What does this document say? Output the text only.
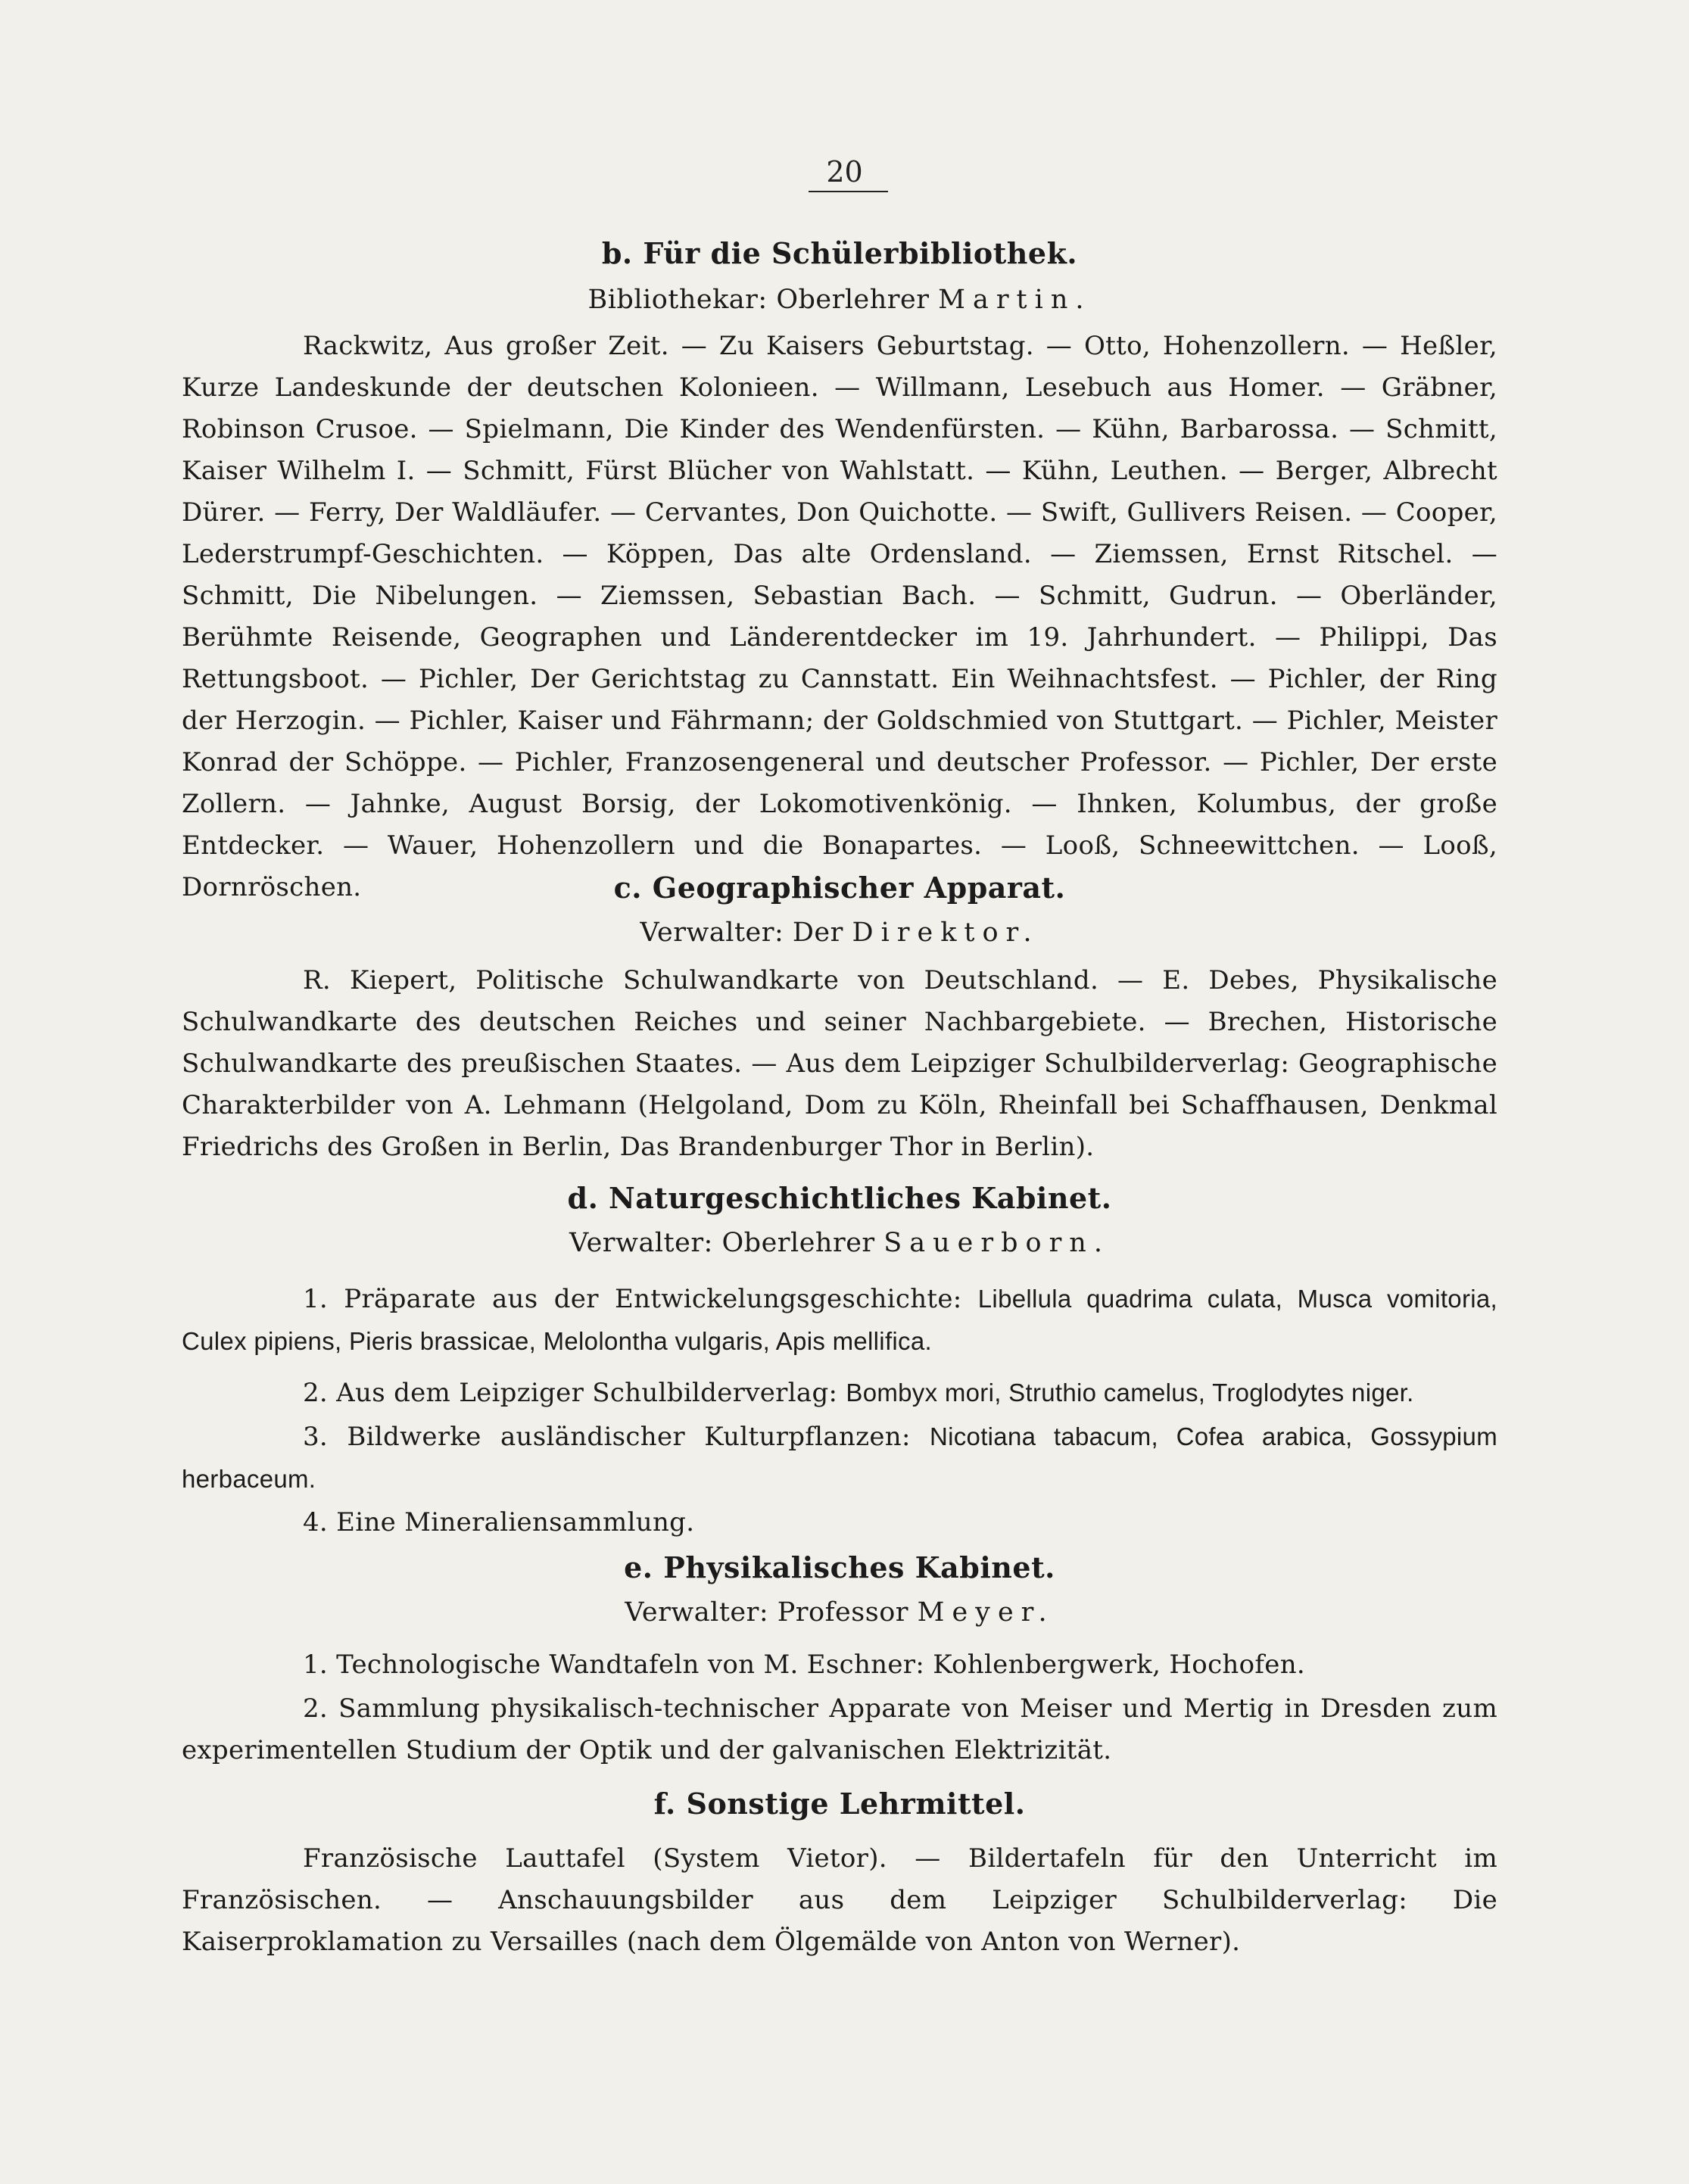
20
b. Für die Schülerbibliothek.
Bibliothekar: Oberlehrer Martin.
Rackwitz, Aus großer Zeit. — Zu Kaisers Geburtstag. — Otto, Hohenzollern. — Heßler, Kurze Landeskunde der deutschen Kolonieen. — Willmann, Lesebuch aus Homer. — Gräbner, Robinson Crusoe. — Spielmann, Die Kinder des Wendenfürsten. — Kühn, Barbarossa. — Schmitt, Kaiser Wilhelm I. — Schmitt, Fürst Blücher von Wahlstatt. — Kühn, Leuthen. — Berger, Albrecht Dürer. — Ferry, Der Waldläufer. — Cervantes, Don Quichotte. — Swift, Gullivers Reisen. — Cooper, Lederstrumpf-Geschichten. — Köppen, Das alte Ordensland. — Ziemssen, Ernst Ritschel. — Schmitt, Die Nibelungen. — Ziemssen, Sebastian Bach. — Schmitt, Gudrun. — Oberländer, Berühmte Reisende, Geographen und Länderentdecker im 19. Jahrhundert. — Philippi, Das Rettungsboot. — Pichler, Der Gerichtstag zu Cannstatt. Ein Weihnachtsfest. — Pichler, der Ring der Herzogin. — Pichler, Kaiser und Fährmann; der Goldschmied von Stuttgart. — Pichler, Meister Konrad der Schöppe. — Pichler, Franzosengeneral und deutscher Professor. — Pichler, Der erste Zollern. — Jahnke, August Borsig, der Lokomotivenkönig. — Ihnken, Kolumbus, der große Entdecker. — Wauer, Hohenzollern und die Bonapartes. — Looß, Schneewittchen. — Looß, Dornröschen.	c. Geographischer Apparat.
Verwalter: Der Direktor.
R. Kiepert, Politische Schulwandkarte von Deutschland. — E. Debes, Physikalische Schulwandkarte des deutschen Reiches und seiner Nachbargebiete. — Brechen, Historische Schulwandkarte des preußischen Staates. — Aus dem Leipziger Schulbilderverlag: Geographische Charakterbilder von A. Lehmann (Helgoland, Dom zu Köln, Rheinfall bei Schaffhausen, Denkmal Friedrichs des Großen in Berlin, Das Brandenburger Thor in Berlin).
d. Naturgeschichtliches Kabinet.
Verwalter: Oberlehrer Sauerborn.
1. Präparate aus der Entwickelungsgeschichte: Libellula quadrima culata, Musca vomitoria, Culex pipiens, Pieris brassicae, Melolontha vulgaris, Apis mellifica.
2. Aus dem Leipziger Schulbilderverlag: Bombyx mori, Struthio camelus, Troglodytes niger.
3. Bildwerke ausländischer Kulturpflanzen: Nicotiana tabacum, Cofea arabica, Gossypium herbaceum.
4. Eine Mineraliensammlung.
e. Physikalisches Kabinet.
Verwalter: Professor Meyer.
1. Technologische Wandtafeln von M. Eschner: Kohlenbergwerk, Hochofen.
2. Sammlung physikalisch-technischer Apparate von Meiser und Mertig in Dresden zum experimentellen Studium der Optik und der galvanischen Elektrizität.
f. Sonstige Lehrmittel.
Französische Lauttafel (System Vietor). — Bildertafeln für den Unterricht im Französischen. — Anschauungsbilder aus dem Leipziger Schulbilderverlag: Die Kaiserproklamation zu Versailles (nach dem Ölgemälde von Anton von Werner).
